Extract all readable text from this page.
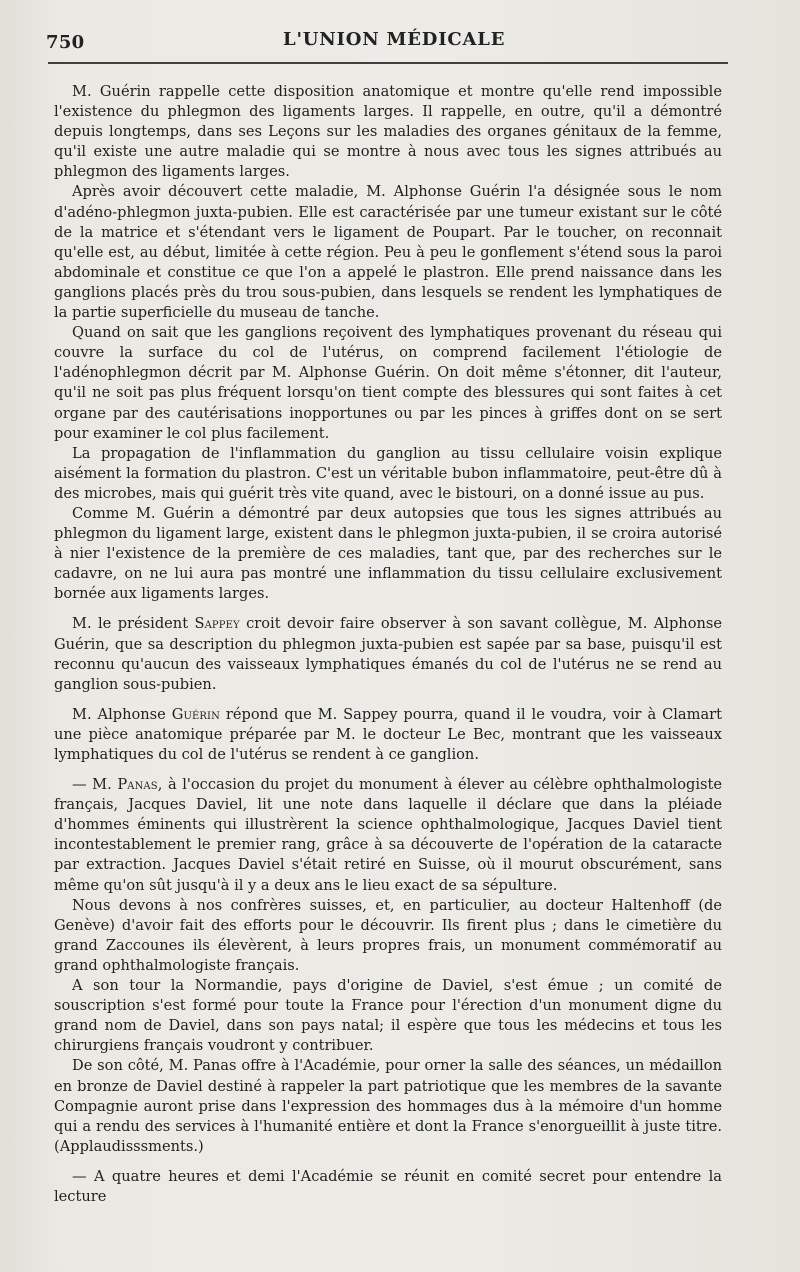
750	L'UNION MÉDICALE

M. Guérin rappelle cette disposition anatomique et montre qu'elle rend impossible l'existence du phlegmon des ligaments larges. Il rappelle, en outre, qu'il a démontré depuis longtemps, dans ses Leçons sur les maladies des organes génitaux de la femme, qu'il existe une autre maladie qui se montre à nous avec tous les signes attribués au phlegmon des ligaments larges.

Après avoir découvert cette maladie, M. Alphonse Guérin l'a désignée sous le nom d'adéno-phlegmon juxta-pubien. Elle est caractérisée par une tumeur existant sur le côté de la matrice et s'étendant vers le ligament de Poupart. Par le toucher, on reconnait qu'elle est, au début, limitée à cette région. Peu à peu le gonflement s'étend sous la paroi abdominale et constitue ce que l'on a appelé le plastron. Elle prend naissance dans les ganglions placés près du trou sous-pubien, dans lesquels se rendent les lymphatiques de la partie superficielle du museau de tanche.

Quand on sait que les ganglions reçoivent des lymphatiques provenant du réseau qui couvre la surface du col de l'utérus, on comprend facilement l'étiologie de l'adénophlegmon décrit par M. Alphonse Guérin. On doit même s'étonner, dit l'auteur, qu'il ne soit pas plus fréquent lorsqu'on tient compte des blessures qui sont faites à cet organe par des cautérisations inopportunes ou par les pinces à griffes dont on se sert pour examiner le col plus facilement.

La propagation de l'inflammation du ganglion au tissu cellulaire voisin explique aisément la formation du plastron. C'est un véritable bubon inflammatoire, peut-être dû à des microbes, mais qui guérit très vite quand, avec le bistouri, on a donné issue au pus.

Comme M. Guérin a démontré par deux autopsies que tous les signes attribués au phlegmon du ligament large, existent dans le phlegmon juxta-pubien, il se croira autorisé à nier l'existence de la première de ces maladies, tant que, par des recherches sur le cadavre, on ne lui aura pas montré une inflammation du tissu cellulaire exclusivement bornée aux ligaments larges.

M. le président Sappey croit devoir faire observer à son savant collègue, M. Alphonse Guérin, que sa description du phlegmon juxta-pubien est sapée par sa base, puisqu'il est reconnu qu'aucun des vaisseaux lymphatiques émanés du col de l'utérus ne se rend au ganglion sous-pubien.

M. Alphonse Guérin répond que M. Sappey pourra, quand il le voudra, voir à Clamart une pièce anatomique préparée par M. le docteur Le Bec, montrant que les vaisseaux lymphatiques du col de l'utérus se rendent à ce ganglion.

— M. Panas, à l'occasion du projet du monument à élever au célèbre ophthalmologiste français, Jacques Daviel, lit une note dans laquelle il déclare que dans la pléiade d'hommes éminents qui illustrèrent la science ophthalmologique, Jacques Daviel tient incontestablement le premier rang, grâce à sa découverte de l'opération de la cataracte par extraction. Jacques Daviel s'était retiré en Suisse, où il mourut obscurément, sans même qu'on sût jusqu'à il y a deux ans le lieu exact de sa sépulture.

Nous devons à nos confrères suisses, et, en particulier, au docteur Haltenhoff (de Genève) d'avoir fait des efforts pour le découvrir. Ils firent plus ; dans le cimetière du grand Zaccounes ils élevèrent, à leurs propres frais, un monument commémoratif au grand ophthalmologiste français.

A son tour la Normandie, pays d'origine de Daviel, s'est émue ; un comité de souscription s'est formé pour toute la France pour l'érection d'un monument digne du grand nom de Daviel, dans son pays natal; il espère que tous les médecins et tous les chirurgiens français voudront y contribuer.

De son côté, M. Panas offre à l'Académie, pour orner la salle des séances, un médaillon en bronze de Daviel destiné à rappeler la part patriotique que les membres de la savante Compagnie auront prise dans l'expression des hommages dus à la mémoire d'un homme qui a rendu des services à l'humanité entière et dont la France s'enorgueillit à juste titre. (Applaudisssments.)

— A quatre heures et demi l'Académie se réunit en comité secret pour entendre la lecture
